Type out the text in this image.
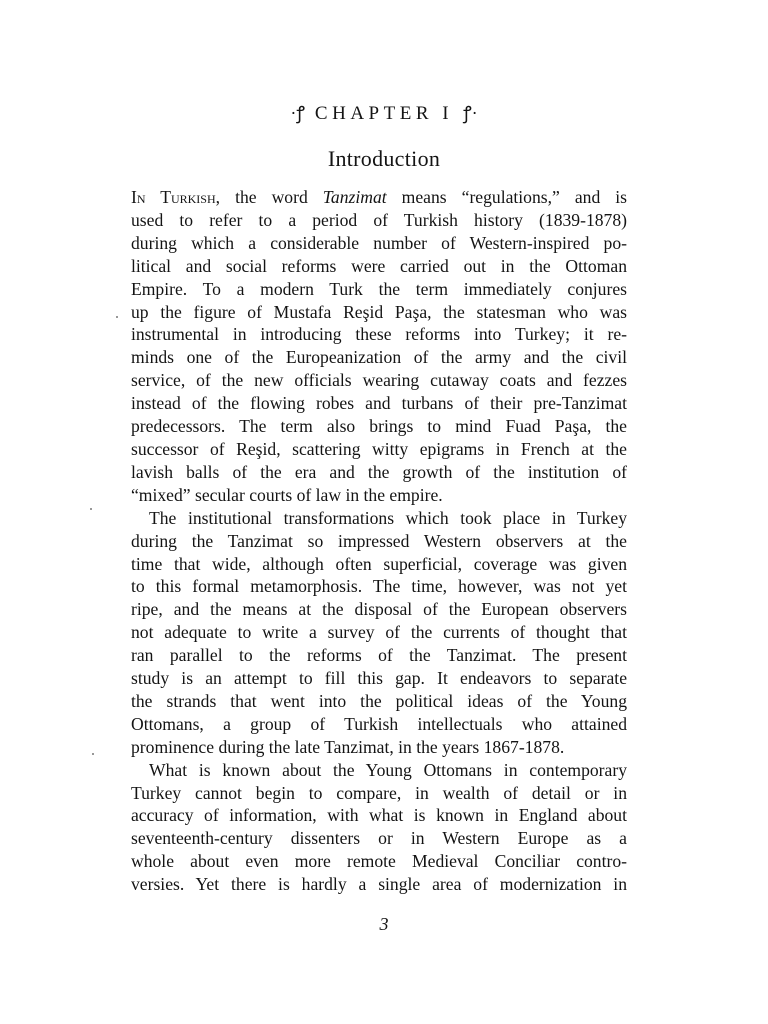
·ꝭ CHAPTER I ꝭ·
Introduction
In Turkish, the word Tanzimat means “regulations,” and is
used to refer to a period of Turkish history (1839-1878)
during which a considerable number of Western-inspired po-
litical and social reforms were carried out in the Ottoman
Empire. To a modern Turk the term immediately conjures
up the figure of Mustafa Reşid Paşa, the statesman who was
instrumental in introducing these reforms into Turkey; it re-
minds one of the Europeanization of the army and the civil
service, of the new officials wearing cutaway coats and fezzes
instead of the flowing robes and turbans of their pre-Tanzimat
predecessors. The term also brings to mind Fuad Paşa, the
successor of Reşid, scattering witty epigrams in French at the
lavish balls of the era and the growth of the institution of
“mixed” secular courts of law in the empire.
The institutional transformations which took place in Turkey
during the Tanzimat so impressed Western observers at the
time that wide, although often superficial, coverage was given
to this formal metamorphosis. The time, however, was not yet
ripe, and the means at the disposal of the European observers
not adequate to write a survey of the currents of thought that
ran parallel to the reforms of the Tanzimat. The present
study is an attempt to fill this gap. It endeavors to separate
the strands that went into the political ideas of the Young
Ottomans, a group of Turkish intellectuals who attained
prominence during the late Tanzimat, in the years 1867-1878.
What is known about the Young Ottomans in contemporary
Turkey cannot begin to compare, in wealth of detail or in
accuracy of information, with what is known in England about
seventeenth-century dissenters or in Western Europe as a
whole about even more remote Medieval Conciliar contro-
versies. Yet there is hardly a single area of modernization in
3
